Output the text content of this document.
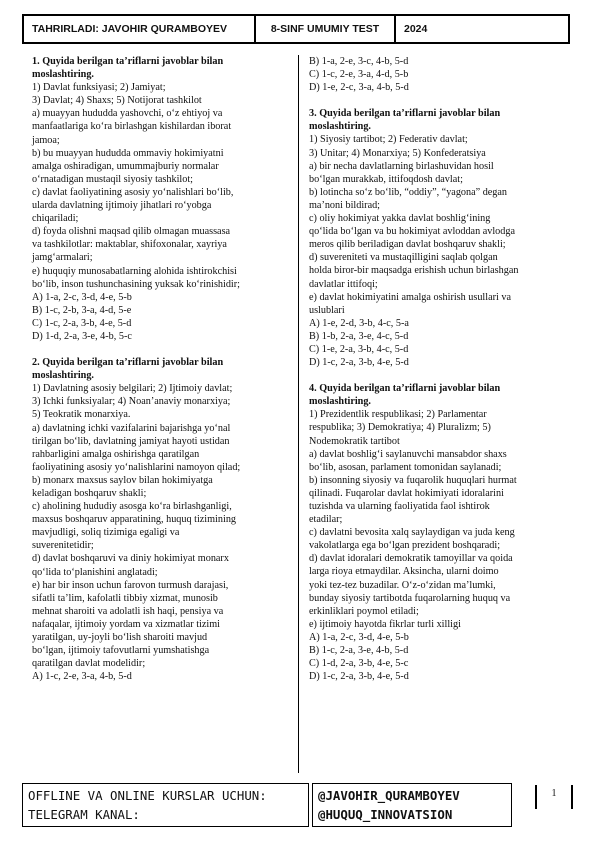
TAHRIRLADI: JAVOHIR QURAMBOYEV	8-SINF UMUMIY TEST	2024
1. Quyida berilgan ta’riflarni javoblar bilan
moslashtiring.
1) Davlat funksiyasi; 2) Jamiyat;
3) Davlat; 4) Shaxs; 5) Notijorat tashkilot
a) muayyan hududda yashovchi, o‘z ehtiyoj va
manfaatlariga ko‘ra birlashgan kishilardan iborat
jamoa;
b) bu muayyan hududda ommaviy hokimiyatni
amalga oshiradigan, umummajburiy normalar
o‘rnatadigan mustaqil siyosiy tashkilot;
c) davlat faoliyatining asosiy yo‘nalishlari bo‘lib,
ularda davlatning ijtimoiy jihatlari ro‘yobga
chiqariladi;
d) foyda olishni maqsad qilib olmagan muassasa
va tashkilotlar: maktablar, shifoxonalar, xayriya
jamg‘armalari;
e) huquqiy munosabatlarning alohida ishtirokchisi
bo‘lib, inson tushunchasining yuksak ko‘rinishidir;
A) 1-a, 2-c, 3-d, 4-e, 5-b
B) 1-c, 2-b, 3-a, 4-d, 5-e
C) 1-c, 2-a, 3-b, 4-e, 5-d
D) 1-d, 2-a, 3-e, 4-b, 5-c
2. Quyida berilgan ta’riflarni javoblar bilan
moslashtiring.
1) Davlatning asosiy belgilari; 2) Ijtimoiy davlat;
3) Ichki funksiyalar; 4) Noan’anaviy monarxiya;
5) Teokratik monarxiya.
a) davlatning ichki vazifalarini bajarishga yo‘nal
tirilgan bo‘lib, davlatning jamiyat hayoti ustidan
rahbarligini amalga oshirishga qaratilgan
faoliyatining asosiy yo‘nalishlarini namoyon qilad;
b) monarx maxsus saylov bilan hokimiyatga
keladigan boshqaruv shakli;
c) aholining hududiy asosga ko‘ra birlashganligi,
maxsus boshqaruv apparatining, huquq tizimining
mavjudligi, soliq tizimiga egaligi va
suverenitetidir;
d) davlat boshqaruvi va diniy hokimiyat monarx
qo‘lida to‘planishini anglatadi;
e) har bir inson uchun farovon turmush darajasi,
sifatli ta’lim, kafolatli tibbiy xizmat, munosib
mehnat sharoiti va adolatli ish haqi, pensiya va
nafaqalar, ijtimoiy yordam va xizmatlar tizimi
yaratilgan, uy-joyli bo‘lish sharoiti mavjud
bo‘lgan, ijtimoiy tafovutlarni yumshatishga
qaratilgan davlat modelidir;
A) 1-c, 2-e, 3-a, 4-b, 5-d
B) 1-a, 2-e, 3-c, 4-b, 5-d
C) 1-c, 2-e, 3-a, 4-d, 5-b
D) 1-e, 2-c, 3-a, 4-b, 5-d
3. Quyida berilgan ta’riflarni javoblar bilan
moslashtiring.
1) Siyosiy tartibot; 2) Federativ davlat;
3) Unitar; 4) Monarxiya; 5) Konfederatsiya
a) bir necha davlatlarning birlashuvidan hosil
bo‘lgan murakkab, ittifoqdosh davlat;
b) lotincha so‘z bo‘lib, “oddiy”, “yagona” degan
ma’noni bildirad;
c) oliy hokimiyat yakka davlat boshlig‘ining
qo‘lida bo‘lgan va bu hokimiyat avloddan avlodga
meros qilib beriladigan davlat boshqaruv shakli;
d) suvereniteti va mustaqilligini saqlab qolgan
holda biror-bir maqsadga erishish uchun birlashgan
davlatlar ittifoqi;
e) davlat hokimiyatini amalga oshirish usullari va
uslublari
A) 1-e, 2-d, 3-b, 4-c, 5-a
B) 1-b, 2-a, 3-e, 4-c, 5-d
C) 1-e, 2-a, 3-b, 4-c, 5-d
D) 1-c, 2-a, 3-b, 4-e, 5-d
4. Quyida berilgan ta’riflarni javoblar bilan
moslashtiring.
1) Prezidentlik respublikasi; 2) Parlamentar
respublika; 3) Demokratiya; 4) Pluralizm; 5)
Nodemokratik tartibot
a) davlat boshlig‘i saylanuvchi mansabdor shaxs
bo‘lib, asosan, parlament tomonidan saylanadi;
b) insonning siyosiy va fuqarolik huquqlari hurmat
qilinadi. Fuqarolar davlat hokimiyati idoralarini
tuzishda va ularning faoliyatida faol ishtirok
etadilar;
c) davlatni bevosita xalq saylaydigan va juda keng
vakolatlarga ega bo‘lgan prezident boshqaradi;
d) davlat idoralari demokratik tamoyillar va qoida
larga rioya etmaydilar. Aksincha, ularni doimo
yoki tez-tez buzadilar. O‘z-o‘zidan ma’lumki,
bunday siyosiy tartibotda fuqarolarning huquq va
erkinliklari poymol etiladi;
e) ijtimoiy hayotda fikrlar turli xilligi
A) 1-a, 2-c, 3-d, 4-e, 5-b
B) 1-c, 2-a, 3-e, 4-b, 5-d
C) 1-d, 2-a, 3-b, 4-e, 5-c
D) 1-c, 2-a, 3-b, 4-e, 5-d
OFFLINE VA ONLINE KURSLAR UCHUN:
TELEGRAM KANAL:
@JAVOHIR_QURAMBOYEV
@HUQUQ_INNOVATSION
1
